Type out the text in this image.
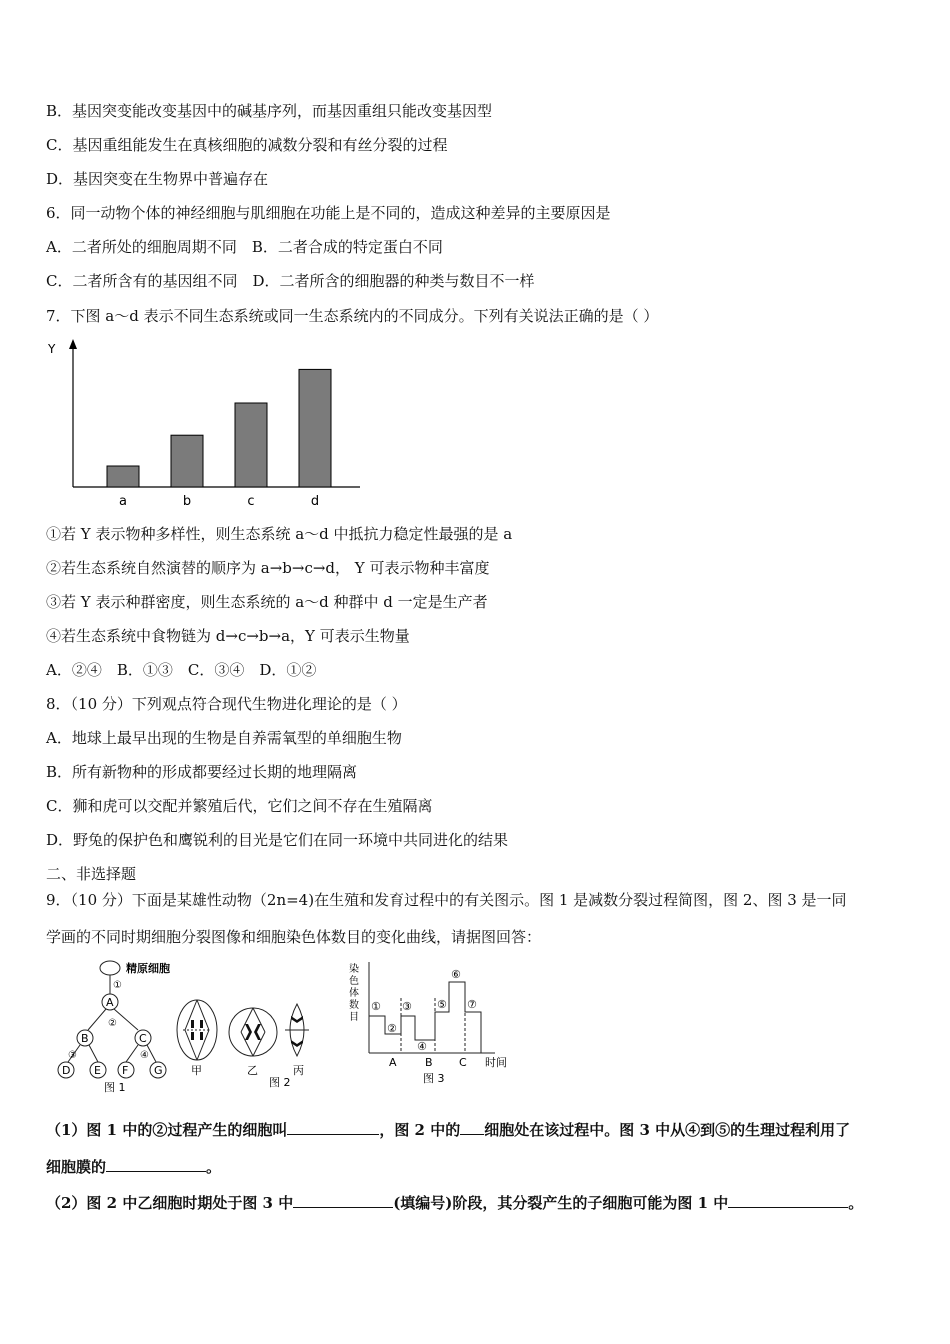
B．基因突变能改变基因中的碱基序列，而基因重组只能改变基因型
C．基因重组能发生在真核细胞的减数分裂和有丝分裂的过程
D．基因突变在生物界中普遍存在
6．同一动物个体的神经细胞与肌细胞在功能上是不同的，造成这种差异的主要原因是
A．二者所处的细胞周期不同　B．二者合成的特定蛋白不同
C．二者所含有的基因组不同　D．二者所含的细胞器的种类与数目不一样
7．下图 a～d 表示不同生态系统或同一生态系统内的不同成分。下列有关说法正确的是（ ）
Y
a	b	c	d
①若 Y 表示物种多样性，则生态系统 a～d 中抵抗力稳定性最强的是 a
②若生态系统自然演替的顺序为 a→b→c→d， Y 可表示物种丰富度
③若 Y 表示种群密度，则生态系统的 a～d 种群中 d 一定是生产者
④若生态系统中食物链为 d→c→b→a，Y 可表示生物量
A．②④　B．①③　C．③④　D．①②
8．（10 分）下列观点符合现代生物进化理论的是（ ）
A．地球上最早出现的生物是自养需氧型的单细胞生物
B．所有新物种的形成都要经过长期的地理隔离
C．狮和虎可以交配并繁殖后代，它们之间不存在生殖隔离
D．野兔的保护色和鹰锐利的目光是它们在同一环境中共同进化的结果
二、非选择题
9．（10 分）下面是某雄性动物（2n=4)在生殖和发育过程中的有关图示。图 1 是减数分裂过程简图，图 2、图 3 是一同
学画的不同时期细胞分裂图像和细胞染色体数目的变化曲线，请据图回答：
精原细胞
①
②
③	④
A
B	C
D E F G
图 1
甲	乙	丙
图 2
染色体数目
①
②
③
④
⑤
⑥
⑦
A	B C 时间
图 3
（1）图 1 中的②过程产生的细胞叫	，图 2 中的 细胞处在该过程中。图 3 中从④到⑤的生理过程利用了
细胞膜的	。
（2）图 2 中乙细胞时期处于图 3 中	(填编号)阶段，其分裂产生的子细胞可能为图 1 中	。
